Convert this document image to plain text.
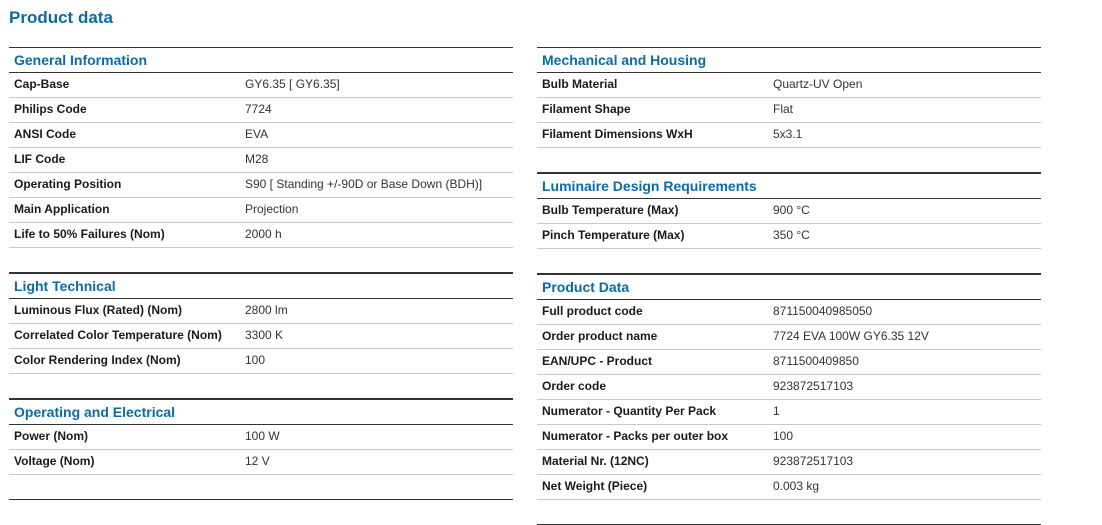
Product data
General Information
Cap-Base	GY6.35 [ GY6.35]
Philips Code	7724
ANSI Code	EVA
LIF Code	M28
Operating Position	S90 [ Standing +/-90D or Base Down (BDH)]
Main Application	Projection
Life to 50% Failures (Nom)	2000 h
Light Technical
Luminous Flux (Rated) (Nom)	2800 lm
Correlated Color Temperature (Nom) 3300 K
Color Rendering Index (Nom)	100
Operating and Electrical
Power (Nom)	100 W
Voltage (Nom)	12 V
Mechanical and Housing
Bulb Material	Quartz-UV Open
Filament Shape	Flat
Filament Dimensions WxH	5x3.1
Luminaire Design Requirements
Bulb Temperature (Max)	900 °C
Pinch Temperature (Max)	350 °C
Product Data
Full product code	871150040985050
Order product name	7724 EVA 100W GY6.35 12V
EAN/UPC - Product	8711500409850
Order code	923872517103
Numerator - Quantity Per Pack	1
Numerator - Packs per outer box	100
Material Nr. (12NC)	923872517103
Net Weight (Piece)	0.003 kg
